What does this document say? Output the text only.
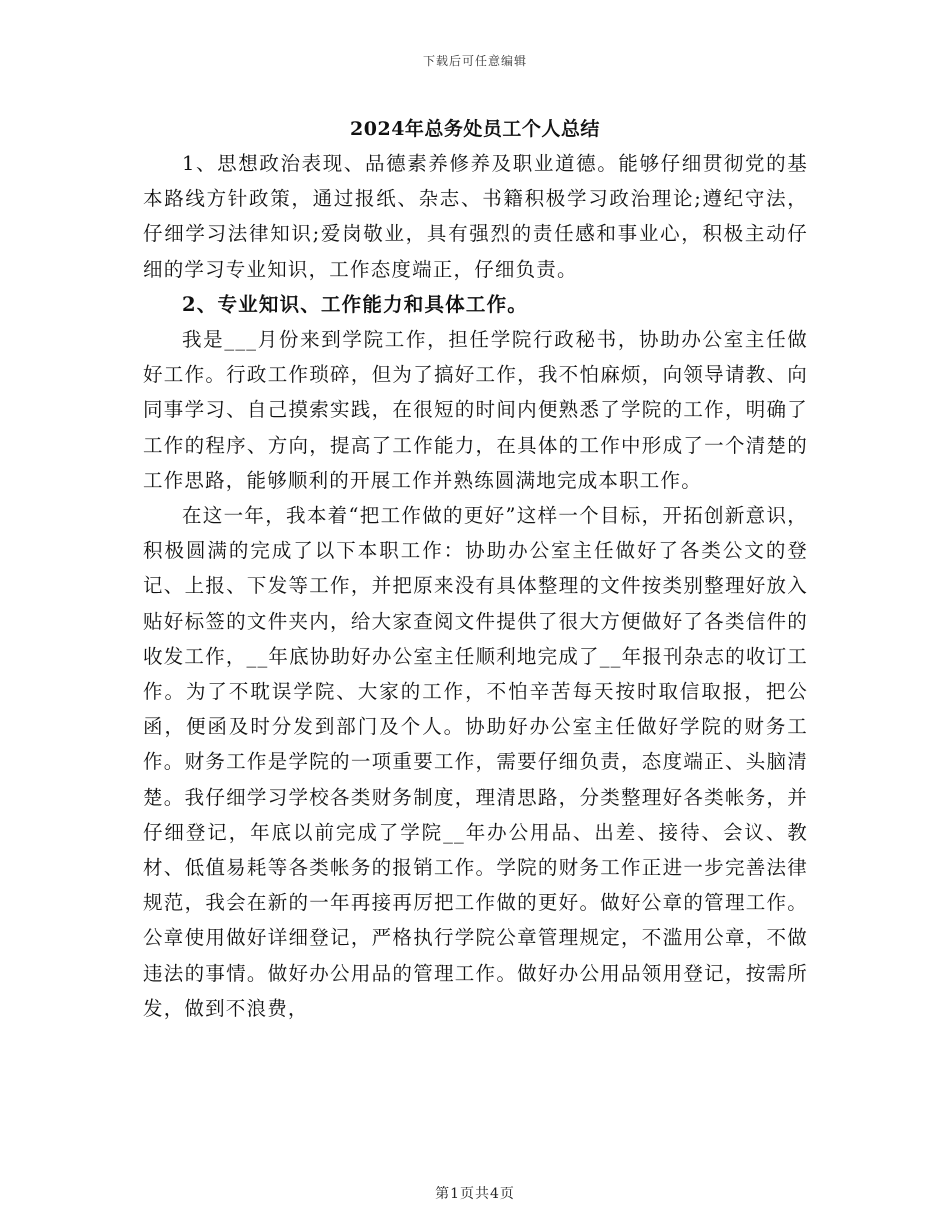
下载后可任意编辑
2024年总务处员工个人总结

1、思想政治表现、品德素养修养及职业道德。能够仔细贯彻党的基本路线方针政策，通过报纸、杂志、书籍积极学习政治理论;遵纪守法，仔细学习法律知识;爱岗敬业，具有强烈的责任感和事业心，积极主动仔细的学习专业知识，工作态度端正，仔细负责。

2、专业知识、工作能力和具体工作。

我是___月份来到学院工作，担任学院行政秘书，协助办公室主任做好工作。行政工作琐碎，但为了搞好工作，我不怕麻烦，向领导请教、向同事学习、自己摸索实践，在很短的时间内便熟悉了学院的工作，明确了工作的程序、方向，提高了工作能力，在具体的工作中形成了一个清楚的工作思路，能够顺利的开展工作并熟练圆满地完成本职工作。

在这一年，我本着“把工作做的更好”这样一个目标，开拓创新意识，积极圆满的完成了以下本职工作：协助办公室主任做好了各类公文的登记、上报、下发等工作，并把原来没有具体整理的文件按类别整理好放入贴好标签的文件夹内，给大家查阅文件提供了很大方便做好了各类信件的收发工作，__年底协助好办公室主任顺利地完成了__年报刊杂志的收订工作。为了不耽误学院、大家的工作，不怕辛苦每天按时取信取报，把公函，便函及时分发到部门及个人。协助好办公室主任做好学院的财务工作。财务工作是学院的一项重要工作，需要仔细负责，态度端正、头脑清楚。我仔细学习学校各类财务制度，理清思路，分类整理好各类帐务，并仔细登记，年底以前完成了学院__年办公用品、出差、接待、会议、教材、低值易耗等各类帐务的报销工作。学院的财务工作正进一步完善法律规范，我会在新的一年再接再厉把工作做的更好。做好公章的管理工作。公章使用做好详细登记，严格执行学院公章管理规定，不滥用公章，不做违法的事情。做好办公用品的管理工作。做好办公用品领用登记，按需所发，做到不浪费，

第1页共4页
